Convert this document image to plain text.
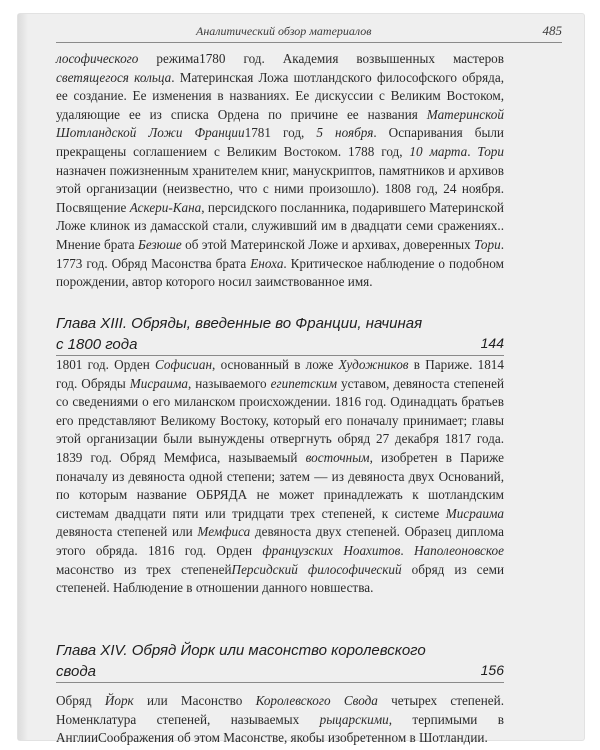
Аналитический обзор материалов	485
лософического режима1780 год. Академия возвышенных мастеров светящегося кольца. Материнская Ложа шотландского философского обряда, ее создание. Ее изменения в названиях. Ее дискуссии с Великим Востоком, удаляющие ее из списка Ордена по причине ее названия Материнской Шотландской Ложи Франции1781 год, 5 ноября. Оспаривания были прекращены соглашением с Великим Востоком. 1788 год, 10 марта. Тори назначен пожизненным хранителем книг, манускриптов, памятников и архивов этой организации (неизвестно, что с ними произошло). 1808 год, 24 ноября. Посвящение Аскери-Кана, персидского посланника, подарившего Материнской Ложе клинок из дамасской стали, служивший им в двадцати семи сражениях.. Мнение брата Безюше об этой Материнской Ложе и архивах, доверенных Тори. 1773 год. Обряд Масонства брата Еноха. Критическое наблюдение о подобном порождении, автор которого носил заимствованное имя.
Глава XIII. Обряды, введенные во Франции, начиная
с 1800 года	144
1801 год. Орден Софисиан, основанный в ложе Художников в Париже. 1814 год. Обряды Мисраима, называемого египетским уставом, девяноста степеней со сведениями о его миланском происхождении. 1816 год. Одинадцать братьев его представляют Великому Востоку, который его поначалу принимает; главы этой организации были вынуждены отвергнуть обряд 27 декабря 1817 года. 1839 год. Обряд Мемфиса, называемый восточным, изобретен в Париже поначалу из девяноста одной степени; затем — из девяноста двух Оснований, по которым название ОБРЯДА не может принадлежать к шотландским системам двадцати пяти или тридцати трех степеней, к системе Мисраима девяноста степеней или Мемфиса девяноста двух степеней. Образец диплома этого обряда. 1816 год. Орден французских Ноахитов. Наполеоновское масонство из трех степенейПерсидский философический обряд из семи степеней. Наблюдение в отношении данного новшества.
Глава XIV. Обряд Йорк или масонство королевского
свода	156
Обряд Йорк или Масонство Королевского Свода четырех степеней. Номенклатура степеней, называемых рыцарскими, терпимыми в АнглииСоображения об этом Масонстве, якобы изобретенном в Шотландии.
